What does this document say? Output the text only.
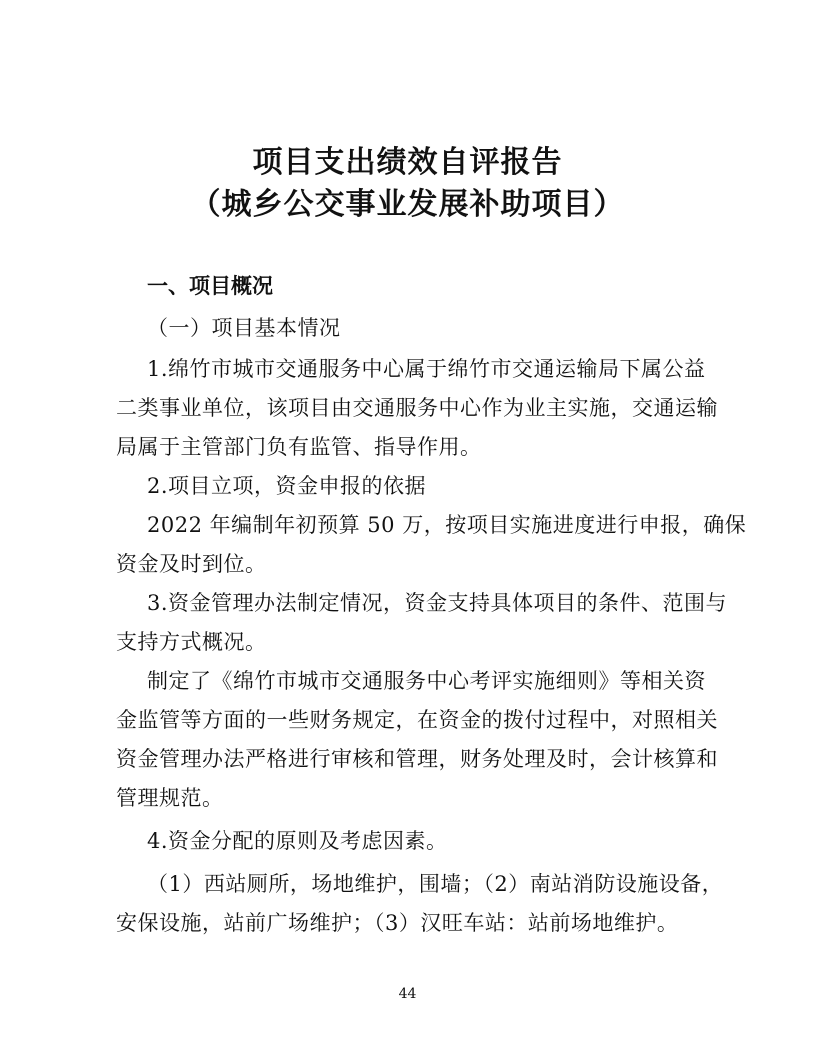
项目支出绩效自评报告
（城乡公交事业发展补助项目）
一、项目概况
（一）项目基本情况
1.绵竹市城市交通服务中心属于绵竹市交通运输局下属公益
二类事业单位，该项目由交通服务中心作为业主实施，交通运输
局属于主管部门负有监管、指导作用。
2.项目立项，资金申报的依据
2022 年编制年初预算 50 万，按项目实施进度进行申报，确保
资金及时到位。
3.资金管理办法制定情况，资金支持具体项目的条件、范围与
支持方式概况。
制定了《绵竹市城市交通服务中心考评实施细则》等相关资
金监管等方面的一些财务规定，在资金的拨付过程中，对照相关
资金管理办法严格进行审核和管理，财务处理及时，会计核算和
管理规范。
4.资金分配的原则及考虑因素。
（1）西站厕所，场地维护，围墙；（2）南站消防设施设备，
安保设施，站前广场维护；（3）汉旺车站：站前场地维护。
44
